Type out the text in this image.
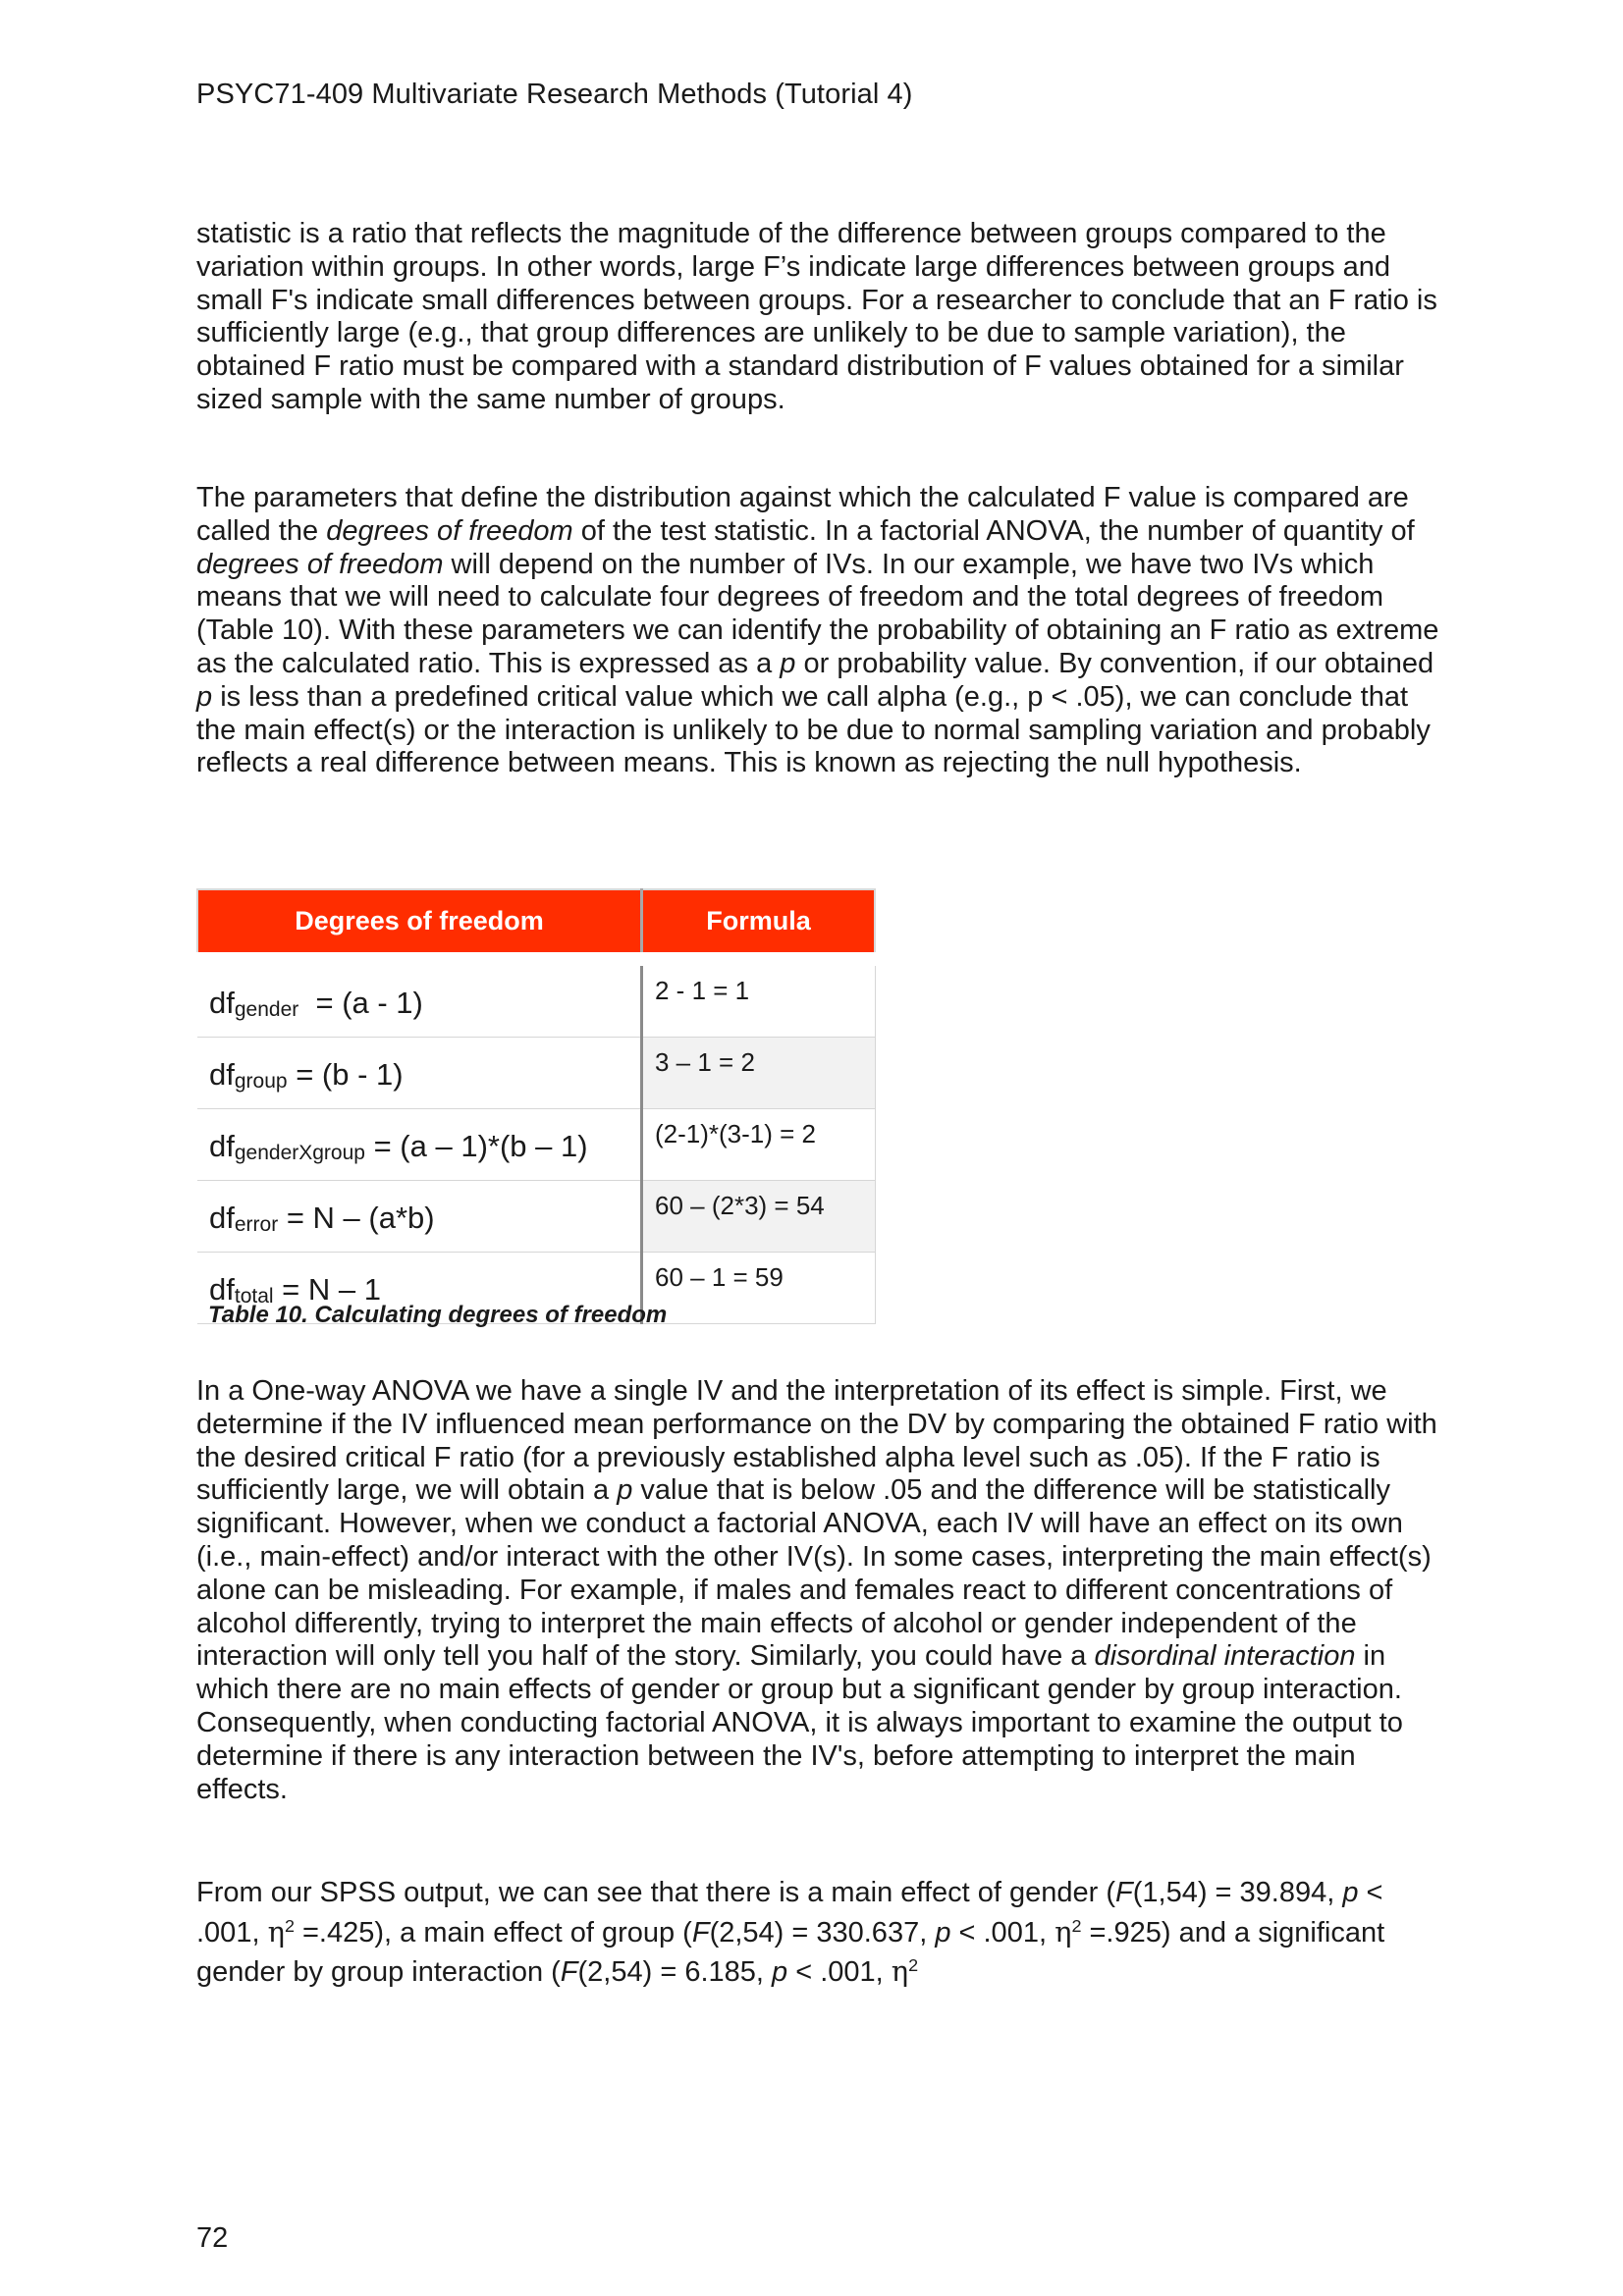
PSYC71-409 Multivariate Research Methods (Tutorial 4)

statistic is a ratio that reflects the magnitude of the difference between groups compared to the variation within groups. In other words, large F’s indicate large differences between groups and small F's indicate small differences between groups. For a researcher to conclude that an F ratio is sufficiently large (e.g., that group differences are unlikely to be due to sample variation), the obtained F ratio must be compared with a standard distribution of F values obtained for a similar sized sample with the same number of groups.

The parameters that define the distribution against which the calculated F value is compared are called the degrees of freedom of the test statistic. In a factorial ANOVA, the number of quantity of degrees of freedom will depend on the number of IVs. In our example, we have two IVs which means that we will need to calculate four degrees of freedom and the total degrees of freedom (Table 10). With these parameters we can identify the probability of obtaining an F ratio as extreme as the calculated ratio. This is expressed as a p or probability value. By convention, if our obtained p is less than a predefined critical value which we call alpha (e.g., p < .05), we can conclude that the main effect(s) or the interaction is unlikely to be due to normal sampling variation and probably reflects a real difference between means. This is known as rejecting the null hypothesis.

Degrees of freedom	Formula
dfgender  = (a - 1)	2 - 1 = 1
dfgroup = (b - 1)	3 – 1 = 2
dfgenderXgroup = (a – 1)*(b – 1)	(2-1)*(3-1) = 2
dferror = N – (a*b)	60 – (2*3) = 54
dftotal = N – 1	60 – 1 = 59
Table 10. Calculating degrees of freedom

In a One-way ANOVA we have a single IV and the interpretation of its effect is simple. First, we determine if the IV influenced mean performance on the DV by comparing the obtained F ratio with the desired critical F ratio (for a previously established alpha level such as .05). If the F ratio is sufficiently large, we will obtain a p value that is below .05 and the difference will be statistically significant. However, when we conduct a factorial ANOVA, each IV will have an effect on its own (i.e., main-effect) and/or interact with the other IV(s). In some cases, interpreting the main effect(s) alone can be misleading. For example, if males and females react to different concentrations of alcohol differently, trying to interpret the main effects of alcohol or gender independent of the interaction will only tell you half of the story. Similarly, you could have a disordinal interaction in which there are no main effects of gender or group but a significant gender by group interaction. Consequently, when conducting factorial ANOVA, it is always important to examine the output to determine if there is any interaction between the IV's, before attempting to interpret the main effects.

From our SPSS output, we can see that there is a main effect of gender (F(1,54) = 39.894, p < .001, $\eta^2 =.425$), a main effect of group (F(2,54) = 330.637, p < .001, $\eta^2 =.925$) and a significant gender by group interaction (F(2,54) = 6.185, p < .001, $\eta^2$

72
